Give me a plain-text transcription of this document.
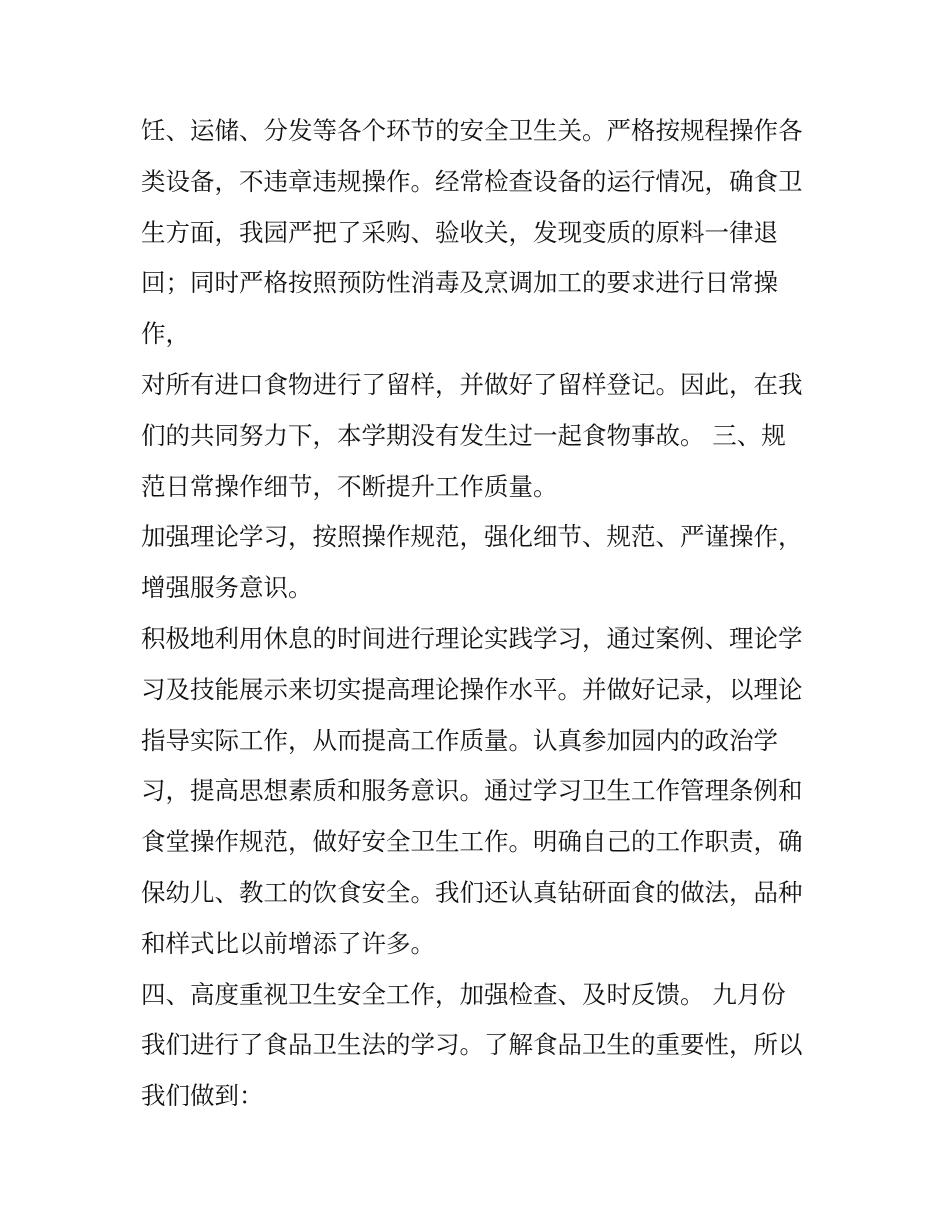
饪、运储、分发等各个环节的安全卫生关。严格按规程操作各
类设备，不违章违规操作。经常检查设备的运行情况，确食卫
生方面，我园严把了采购、验收关，发现变质的原料一律退
回；同时严格按照预防性消毒及烹调加工的要求进行日常操
作，
对所有进口食物进行了留样，并做好了留样登记。因此，在我
们的共同努力下，本学期没有发生过一起食物事故。 三、规
范日常操作细节，不断提升工作质量。
加强理论学习，按照操作规范，强化细节、规范、严谨操作，
增强服务意识。
积极地利用休息的时间进行理论实践学习，通过案例、理论学
习及技能展示来切实提高理论操作水平。并做好记录，以理论
指导实际工作，从而提高工作质量。认真参加园内的政治学
习，提高思想素质和服务意识。通过学习卫生工作管理条例和
食堂操作规范，做好安全卫生工作。明确自己的工作职责，确
保幼儿、教工的饮食安全。我们还认真钻研面食的做法，品种
和样式比以前增添了许多。
四、高度重视卫生安全工作，加强检查、及时反馈。 九月份
我们进行了食品卫生法的学习。了解食品卫生的重要性，所以
我们做到：
